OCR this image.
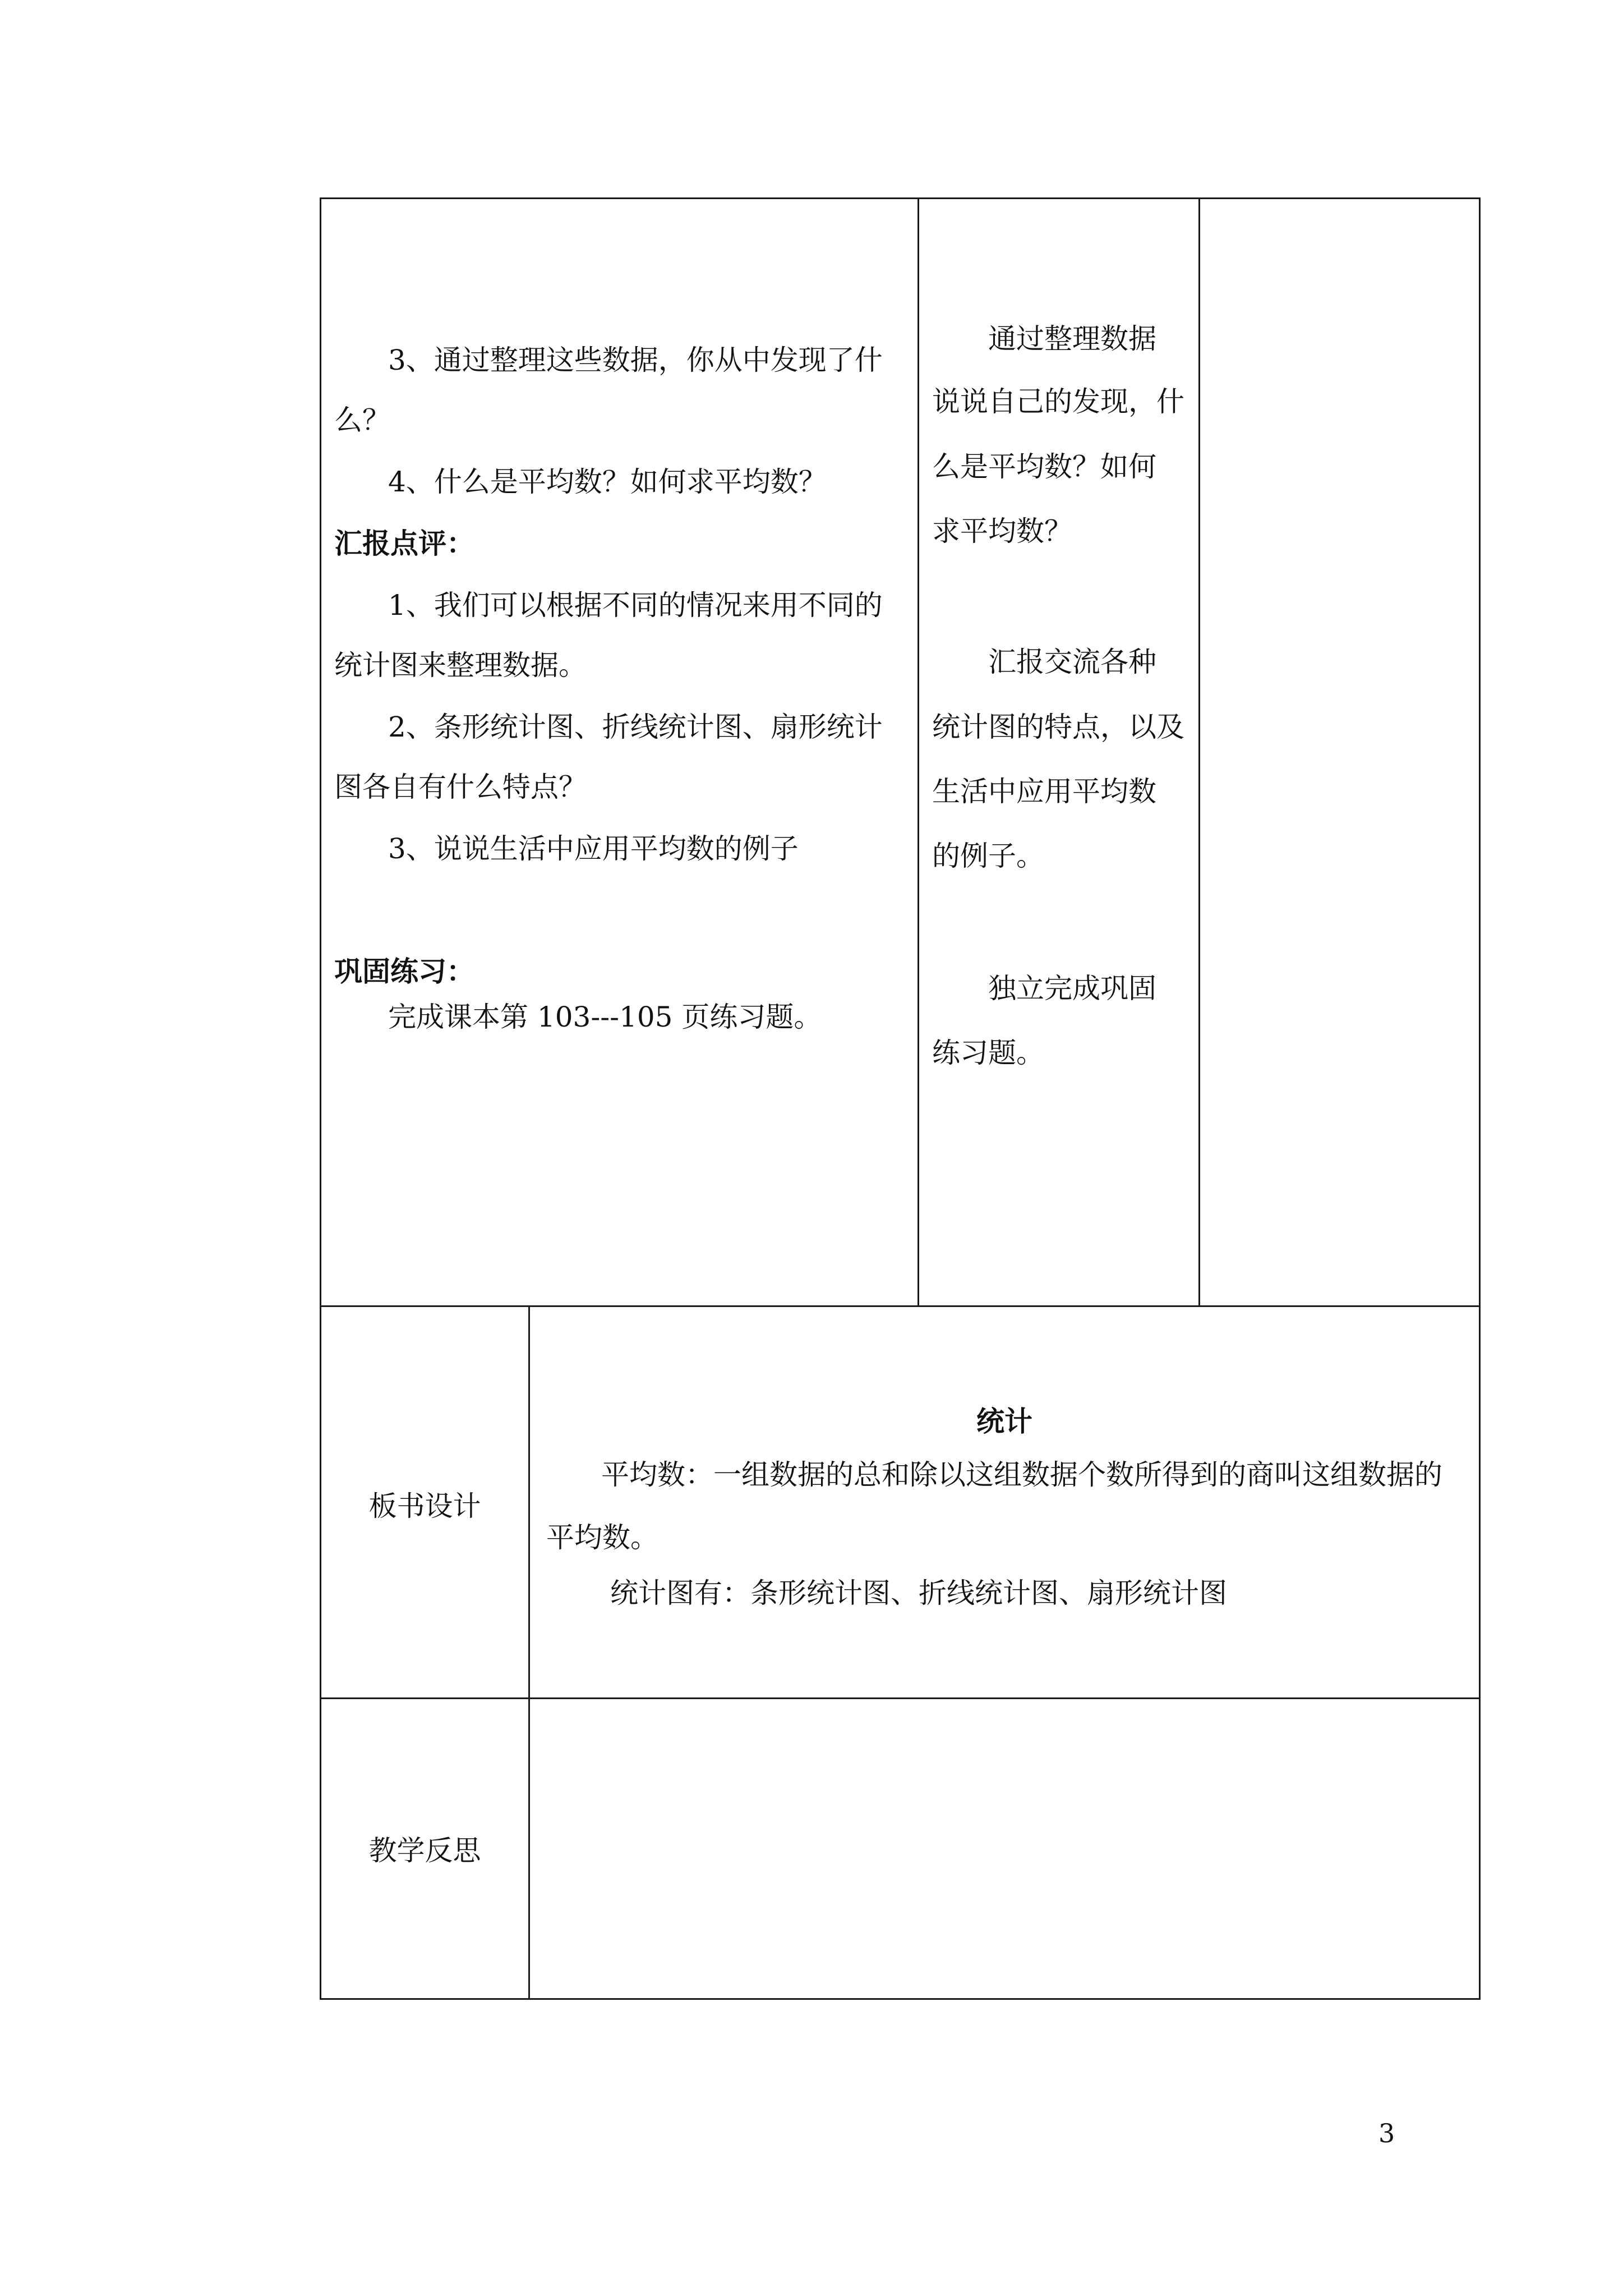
3、通过整理这些数据，你从中发现了什
么？
4、什么是平均数？如何求平均数？
汇报点评：
1、我们可以根据不同的情况来用不同的
统计图来整理数据。
2、条形统计图、折线统计图、扇形统计
图各自有什么特点？
3、说说生活中应用平均数的例子
巩固练习：
完成课本第 103---105 页练习题。
通过整理数据
说说自己的发现，什
么是平均数？如何
求平均数？
汇报交流各种
统计图的特点，以及
生活中应用平均数
的例子。
独立完成巩固
练习题。
板书设计
统计
平均数：一组数据的总和除以这组数据个数所得到的商叫这组数据的
平均数。
统计图有：条形统计图、折线统计图、扇形统计图
教学反思
3
